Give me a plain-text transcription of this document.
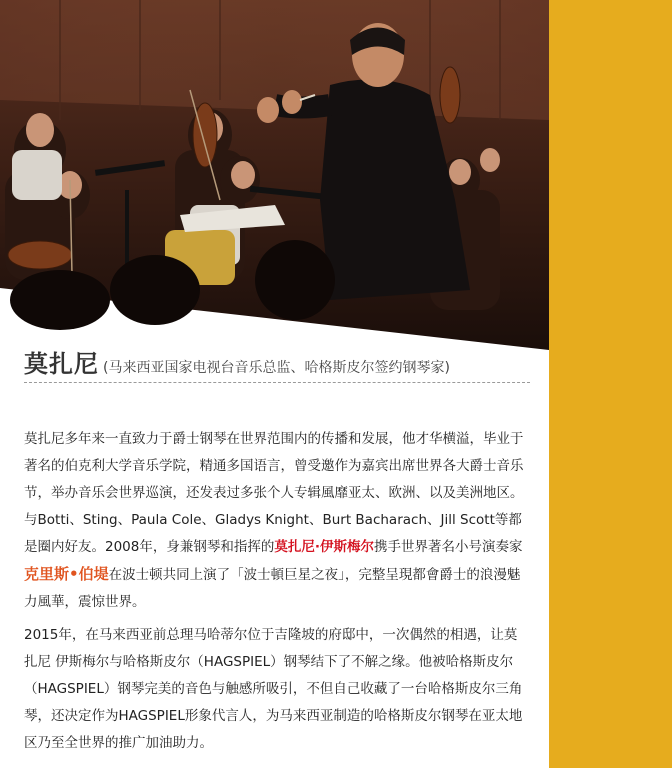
莫扎尼 (马来西亚国家电视台音乐总监、哈格斯皮尔签约钢琴家)

莫扎尼多年来一直致力于爵士钢琴在世界范围内的传播和发展，他才华横溢，毕业于著名的伯克利大学音乐学院，精通多国语言，曾受邀作为嘉宾出席世界各大爵士音乐节，举办音乐会世界巡演，还发表过多张个人专辑風靡亚太、欧洲、以及美洲地区。与Botti、Sting、Paula Cole、Gladys Knight、Burt Bacharach、Jill Scott等都是圈内好友。2008年，身兼钢琴和指挥的莫扎尼·伊斯梅尔携手世界著名小号演奏家克里斯•伯堤在波士顿共同上演了「波士頓巨星之夜」，完整呈現都會爵士的浪漫魅力風華，震惊世界。

2015年，在马来西亚前总理马哈蒂尔位于吉隆坡的府邸中，一次偶然的相遇，让莫扎尼 伊斯梅尔与哈格斯皮尔（HAGSPIEL）钢琴结下了不解之缘。他被哈格斯皮尔（HAGSPIEL）钢琴完美的音色与触感所吸引，不但自己收藏了一台哈格斯皮尔三角琴，还决定作为HAGSPIEL形象代言人，为马来西亚制造的哈格斯皮尔钢琴在亚太地区乃至全世界的推广加油助力。
